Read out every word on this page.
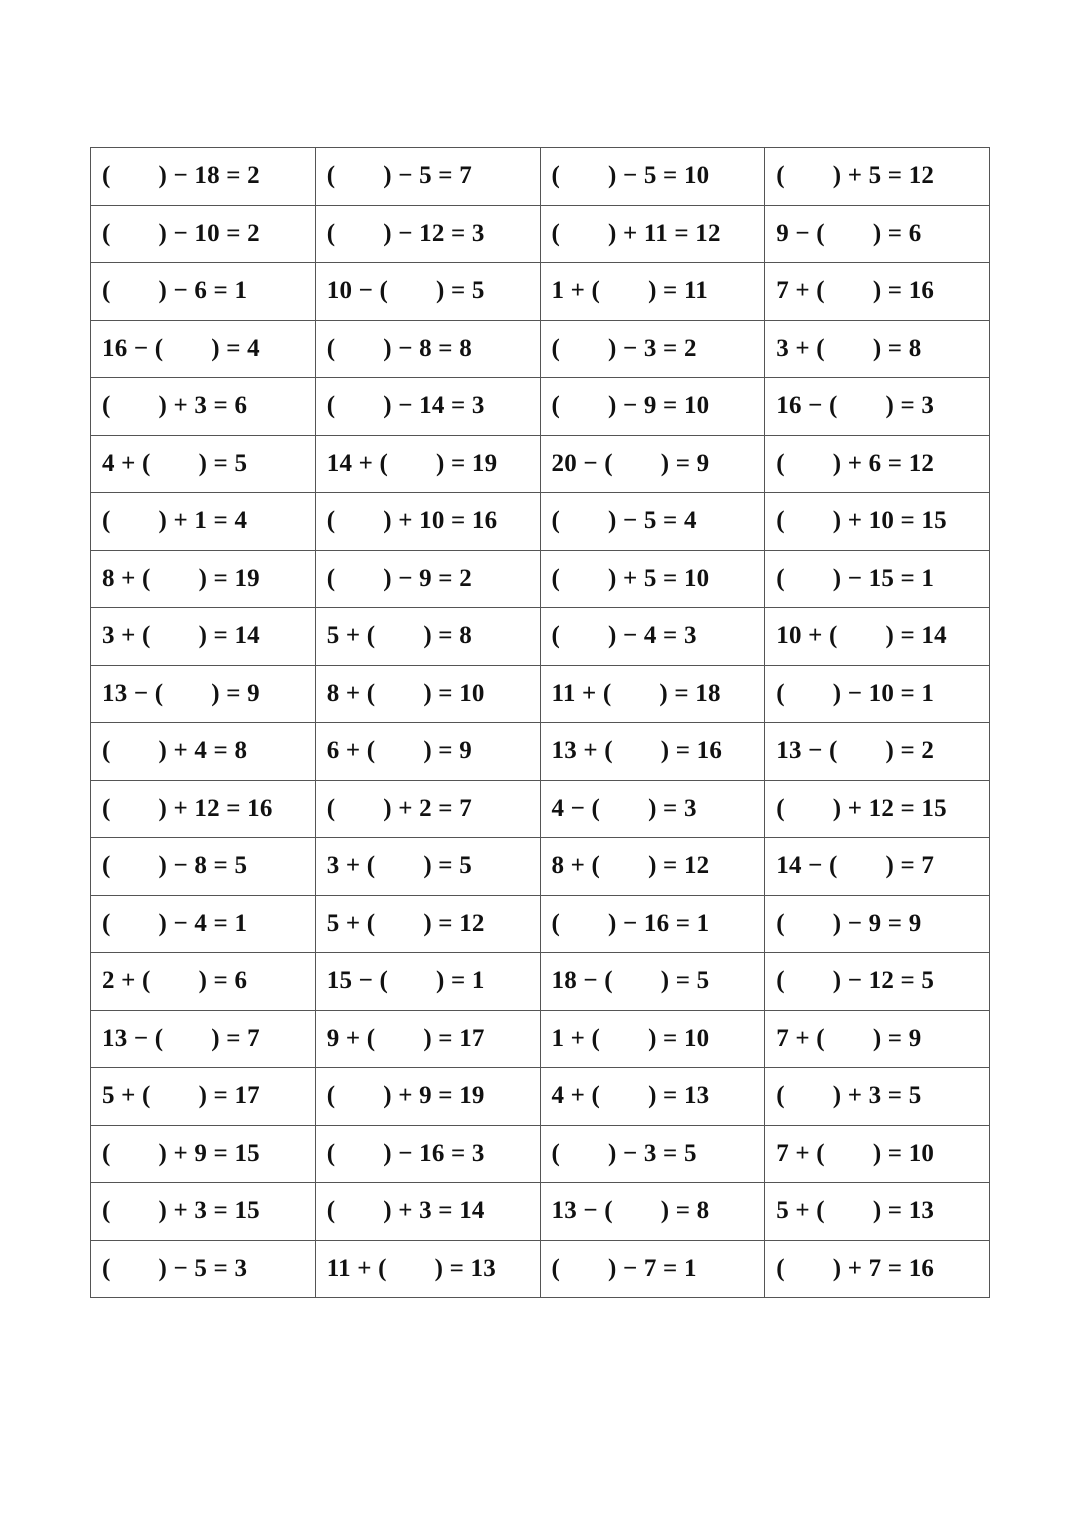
( ) − 18 = 2	( ) − 5 = 7	( ) − 5 = 10	( ) + 5 = 12
( ) − 10 = 2	( ) − 12 = 3	( ) + 11 = 12	9 − ( ) = 6
( ) − 6 = 1	10 − ( ) = 5	1 + ( ) = 11	7 + ( ) = 16
16 − ( ) = 4	( ) − 8 = 8	( ) − 3 = 2	3 + ( ) = 8
( ) + 3 = 6	( ) − 14 = 3	( ) − 9 = 10	16 − ( ) = 3
4 + ( ) = 5	14 + ( ) = 19	20 − ( ) = 9	( ) + 6 = 12
( ) + 1 = 4	( ) + 10 = 16	( ) − 5 = 4	( ) + 10 = 15
8 + ( ) = 19	( ) − 9 = 2	( ) + 5 = 10	( ) − 15 = 1
3 + ( ) = 14	5 + ( ) = 8	( ) − 4 = 3	10 + ( ) = 14
13 − ( ) = 9	8 + ( ) = 10	11 + ( ) = 18	( ) − 10 = 1
( ) + 4 = 8	6 + ( ) = 9	13 + ( ) = 16	13 − ( ) = 2
( ) + 12 = 16	( ) + 2 = 7	4 − ( ) = 3	( ) + 12 = 15
( ) − 8 = 5	3 + ( ) = 5	8 + ( ) = 12	14 − ( ) = 7
( ) − 4 = 1	5 + ( ) = 12	( ) − 16 = 1	( ) − 9 = 9
2 + ( ) = 6	15 − ( ) = 1	18 − ( ) = 5	( ) − 12 = 5
13 − ( ) = 7	9 + ( ) = 17	1 + ( ) = 10	7 + ( ) = 9
5 + ( ) = 17	( ) + 9 = 19	4 + ( ) = 13	( ) + 3 = 5
( ) + 9 = 15	( ) − 16 = 3	( ) − 3 = 5	7 + ( ) = 10
( ) + 3 = 15	( ) + 3 = 14	13 − ( ) = 8	5 + ( ) = 13
( ) − 5 = 3	11 + ( ) = 13	( ) − 7 = 1	( ) + 7 = 16
